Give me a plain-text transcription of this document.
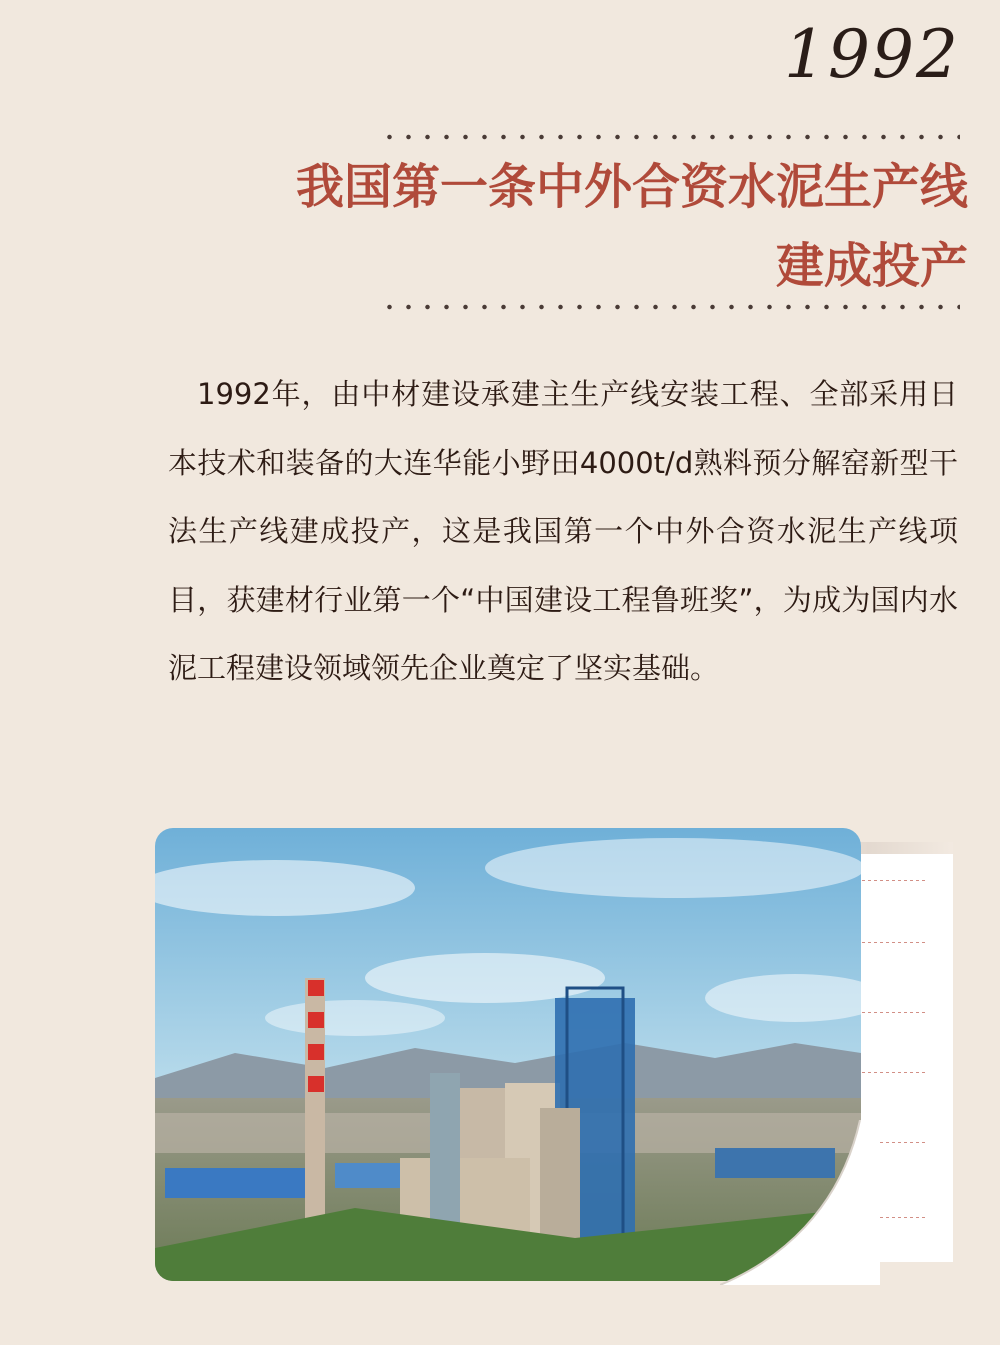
1992
我国第一条中外合资水泥生产线
建成投产

1992年，由中材建设承建主生产线安装工程、全部采用日本技术和装备的大连华能小野田4000t/d熟料预分解窑新型干法生产线建成投产，这是我国第一个中外合资水泥生产线项目，获建材行业第一个“中国建设工程鲁班奖”，为成为国内水泥工程建设领域领先企业奠定了坚实基础。
